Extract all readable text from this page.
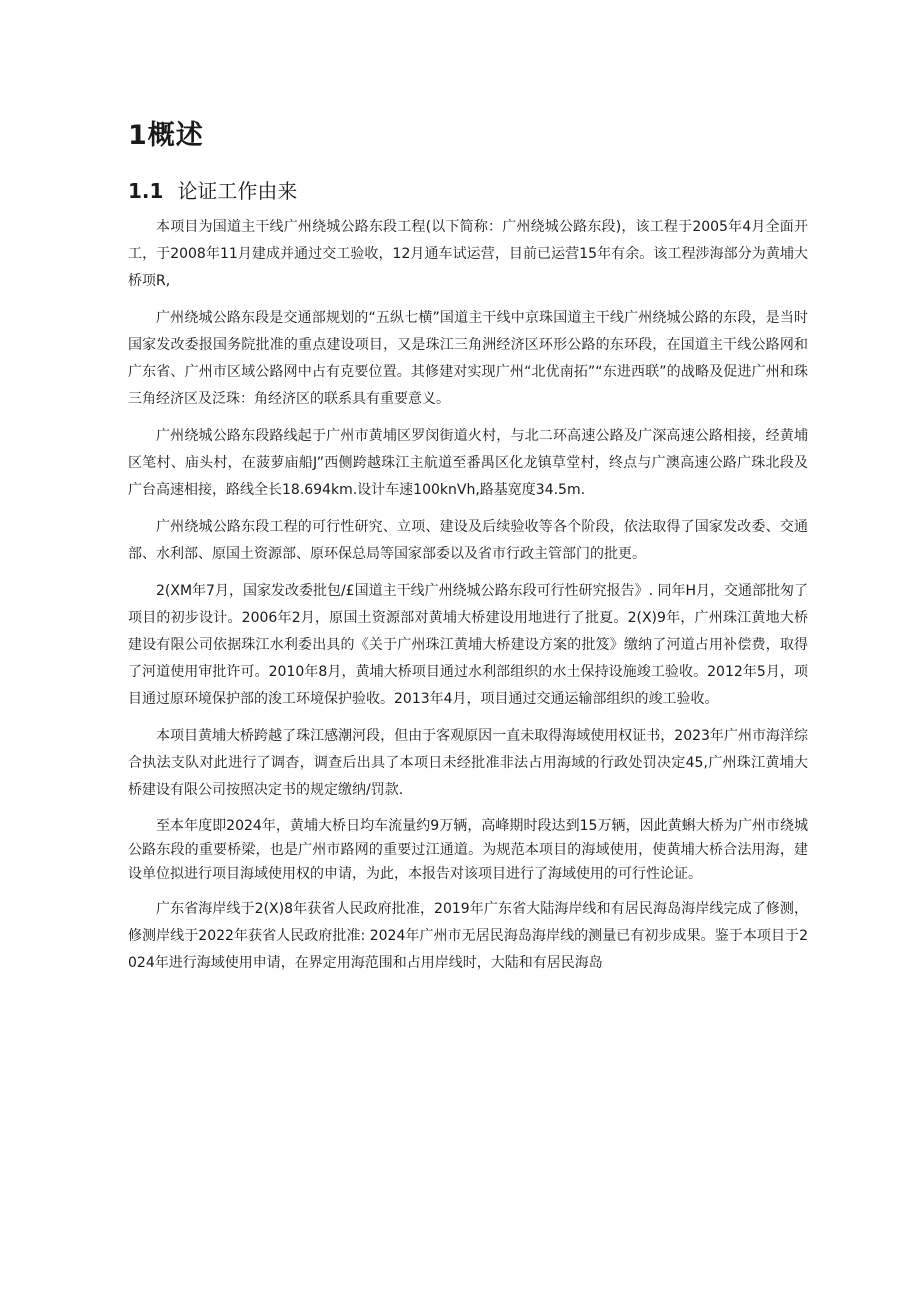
1概述
1.1 论证工作由来

本项目为国道主干线广州绕城公路东段工程(以下简称：广州绕城公路东段)，该工程于2005年4月全面开工，于2008年11月建成并通过交工验收，12月通车试运营，目前已运营15年有余。该工程涉海部分为黄埔大桥项R,

广州绕城公路东段是交通部规划的“五纵七横”国道主干线中京珠国道主干线广州绕城公路的东段，是当时国家发改委报国务院批准的重点建设项目，又是珠江三角洲经济区环形公路的东环段，在国道主干线公路网和广东省、广州市区域公路网中占有克要位置。其修建对实现广州“北优南拓”“东进西联”的战略及促进广州和珠三角经济区及泛珠：角经济区的联系具有重要意义。

广州绕城公路东段路线起于广州市黄埔区罗闵街道火村，与北二环高速公路及广深高速公路相接，经黄埔区笔村、庙头村，在菠萝庙船J”西侧跨越珠江主航道至番禺区化龙镇草堂村，终点与广澳高速公路广珠北段及广台高速相接，路线全长18.694km.设计车速100knVh,路基宽度34.5m.

广州绕城公路东段工程的可行性研究、立项、建设及后续验收等各个阶段，依法取得了国家发改委、交通部、水利部、原国土资源部、原环保总局等国家部委以及省市行政主管部门的批更。

2(XM年7月，国家发改委批包/£国道主干线广州绕城公路东段可行性研究报告》. 同年H月，交通部批匆了项目的初步设计。2006年2月，原国土资源部对黄埔大桥建设用地进行了批夏。2(X)9年，广州珠江黄地大桥建设有限公司依据珠江水利委出具的《关于广州珠江黄埔大桥建设方案的批笈》缴纳了河道占用补偿费，取得了河道使用审批许可。2010年8月，黄埔大桥项目通过水利部组织的水土保持设施竣工验收。2012年5月，项目通过原环境保护部的浚工环境保护验收。2013年4月，项目通过交通运输部组织的竣工验收。

本项目黄埔大桥跨越了珠江感潮河段，但由于客观原因一直未取得海域使用权证书，2023年广州市海洋综合执法支队对此进行了调杳，调查后出具了本项日未经批准非法占用海域的行政处罚决定45,广州珠江黄埔大桥建设有限公司按照决定书的规定缴纳/罚款.

至本年度即2024年，黄埔大桥日均车流量约9万辆，高峰期时段达到15万辆，因此黄蝌大桥为广州市绕城公路东段的重要桥梁，也是广州市路网的重要过江通道。为规范本项目的海域使用，使黄埔大桥合法用海，建设单位拟进行项目海域使用权的申请，为此，本报告对该项目进行了海域使用的可行性论证。

广东省海岸线于2(X)8年获省人民政府批准，2019年广东省大陆海岸线和有居民海岛海岸线完成了修测，修测岸线于2022年获省人民政府批准: 2024年广州市无居民海岛海岸线的测量已有初步成果。鉴于本项目于2024年进行海域使用申请，在界定用海范围和占用岸线时，大陆和有居民海岛
